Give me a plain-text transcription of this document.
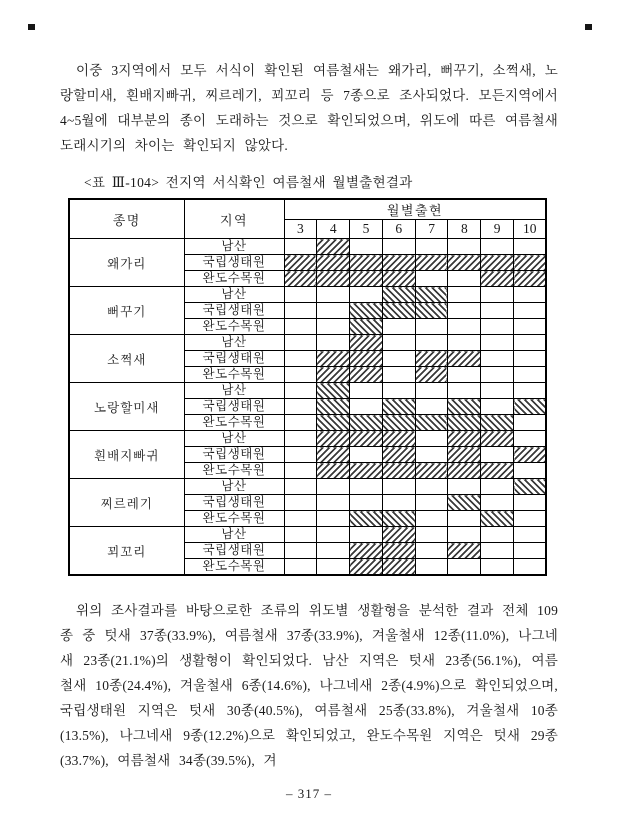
이중 3지역에서 모두 서식이 확인된 여름철새는 왜가리, 뻐꾸기, 소쩍새, 노랑할미새, 흰배지빠귀, 찌르레기, 꾀꼬리 등 7종으로 조사되었다. 모든지역에서 4~5월에 대부분의 종이 도래하는 것으로 확인되었으며, 위도에 따른 여름철새 도래시기의 차이는 확인되지 않았다.

<표 Ⅲ-104> 전지역 서식확인 여름철새 월별출현결과
종명	지역	월별출현							
		3	4	5	6	7	8	9	10
왜가리	남산								
	국립생태원								
	완도수목원								
뻐꾸기	남산								
	국립생태원								
	완도수목원								
소쩍새	남산								
	국립생태원								
	완도수목원								
노랑할미새	남산								
	국립생태원								
	완도수목원								
흰배지빠귀	남산								
	국립생태원								
	완도수목원								
찌르레기	남산								
	국립생태원								
	완도수목원								
꾀꼬리	남산								
	국립생태원								
	완도수목원								

위의 조사결과를 바탕으로한 조류의 위도별 생활형을 분석한 결과 전체 109종 중 텃새 37종(33.9%), 여름철새 37종(33.9%), 겨울철새 12종(11.0%), 나그네새 23종(21.1%)의 생활형이 확인되었다. 남산 지역은 텃새 23종(56.1%), 여름철새 10종(24.4%), 겨울철새 6종(14.6%), 나그네새 2종(4.9%)으로 확인되었으며, 국립생태원 지역은 텃새 30종(40.5%), 여름철새 25종(33.8%), 겨울철새 10종(13.5%), 나그네새 9종(12.2%)으로 확인되었고, 완도수목원 지역은 텃새 29종(33.7%), 여름철새 34종(39.5%), 겨

– 317 –
